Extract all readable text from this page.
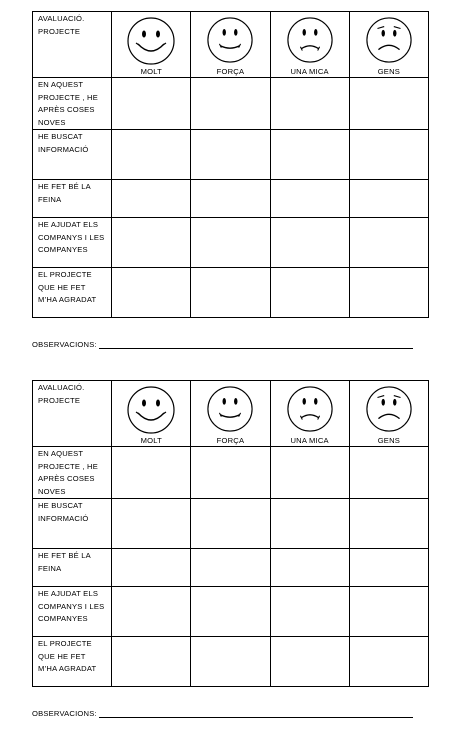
AVALUACIÓ. PROJECTE	MOLT	FORÇA	UNA MICA	GENS

EN AQUEST PROJECTE , HE APRÈS COSES NOVES				

HE BUSCAT INFORMACIÓ				

HE FET BÉ LA FEINA				

HE AJUDAT ELS COMPANYS I LES COMPANYES				

EL PROJECTE QUE HE FET M’HA AGRADAT				

OBSERVACIONS:
AVALUACIÓ. PROJECTE	MOLT	FORÇA	UNA MICA	GENS

EN AQUEST PROJECTE , HE APRÈS COSES NOVES				

HE BUSCAT INFORMACIÓ				

HE FET BÉ LA FEINA				

HE AJUDAT ELS COMPANYS I LES COMPANYES				

EL PROJECTE QUE HE FET M’HA AGRADAT				

OBSERVACIONS:
